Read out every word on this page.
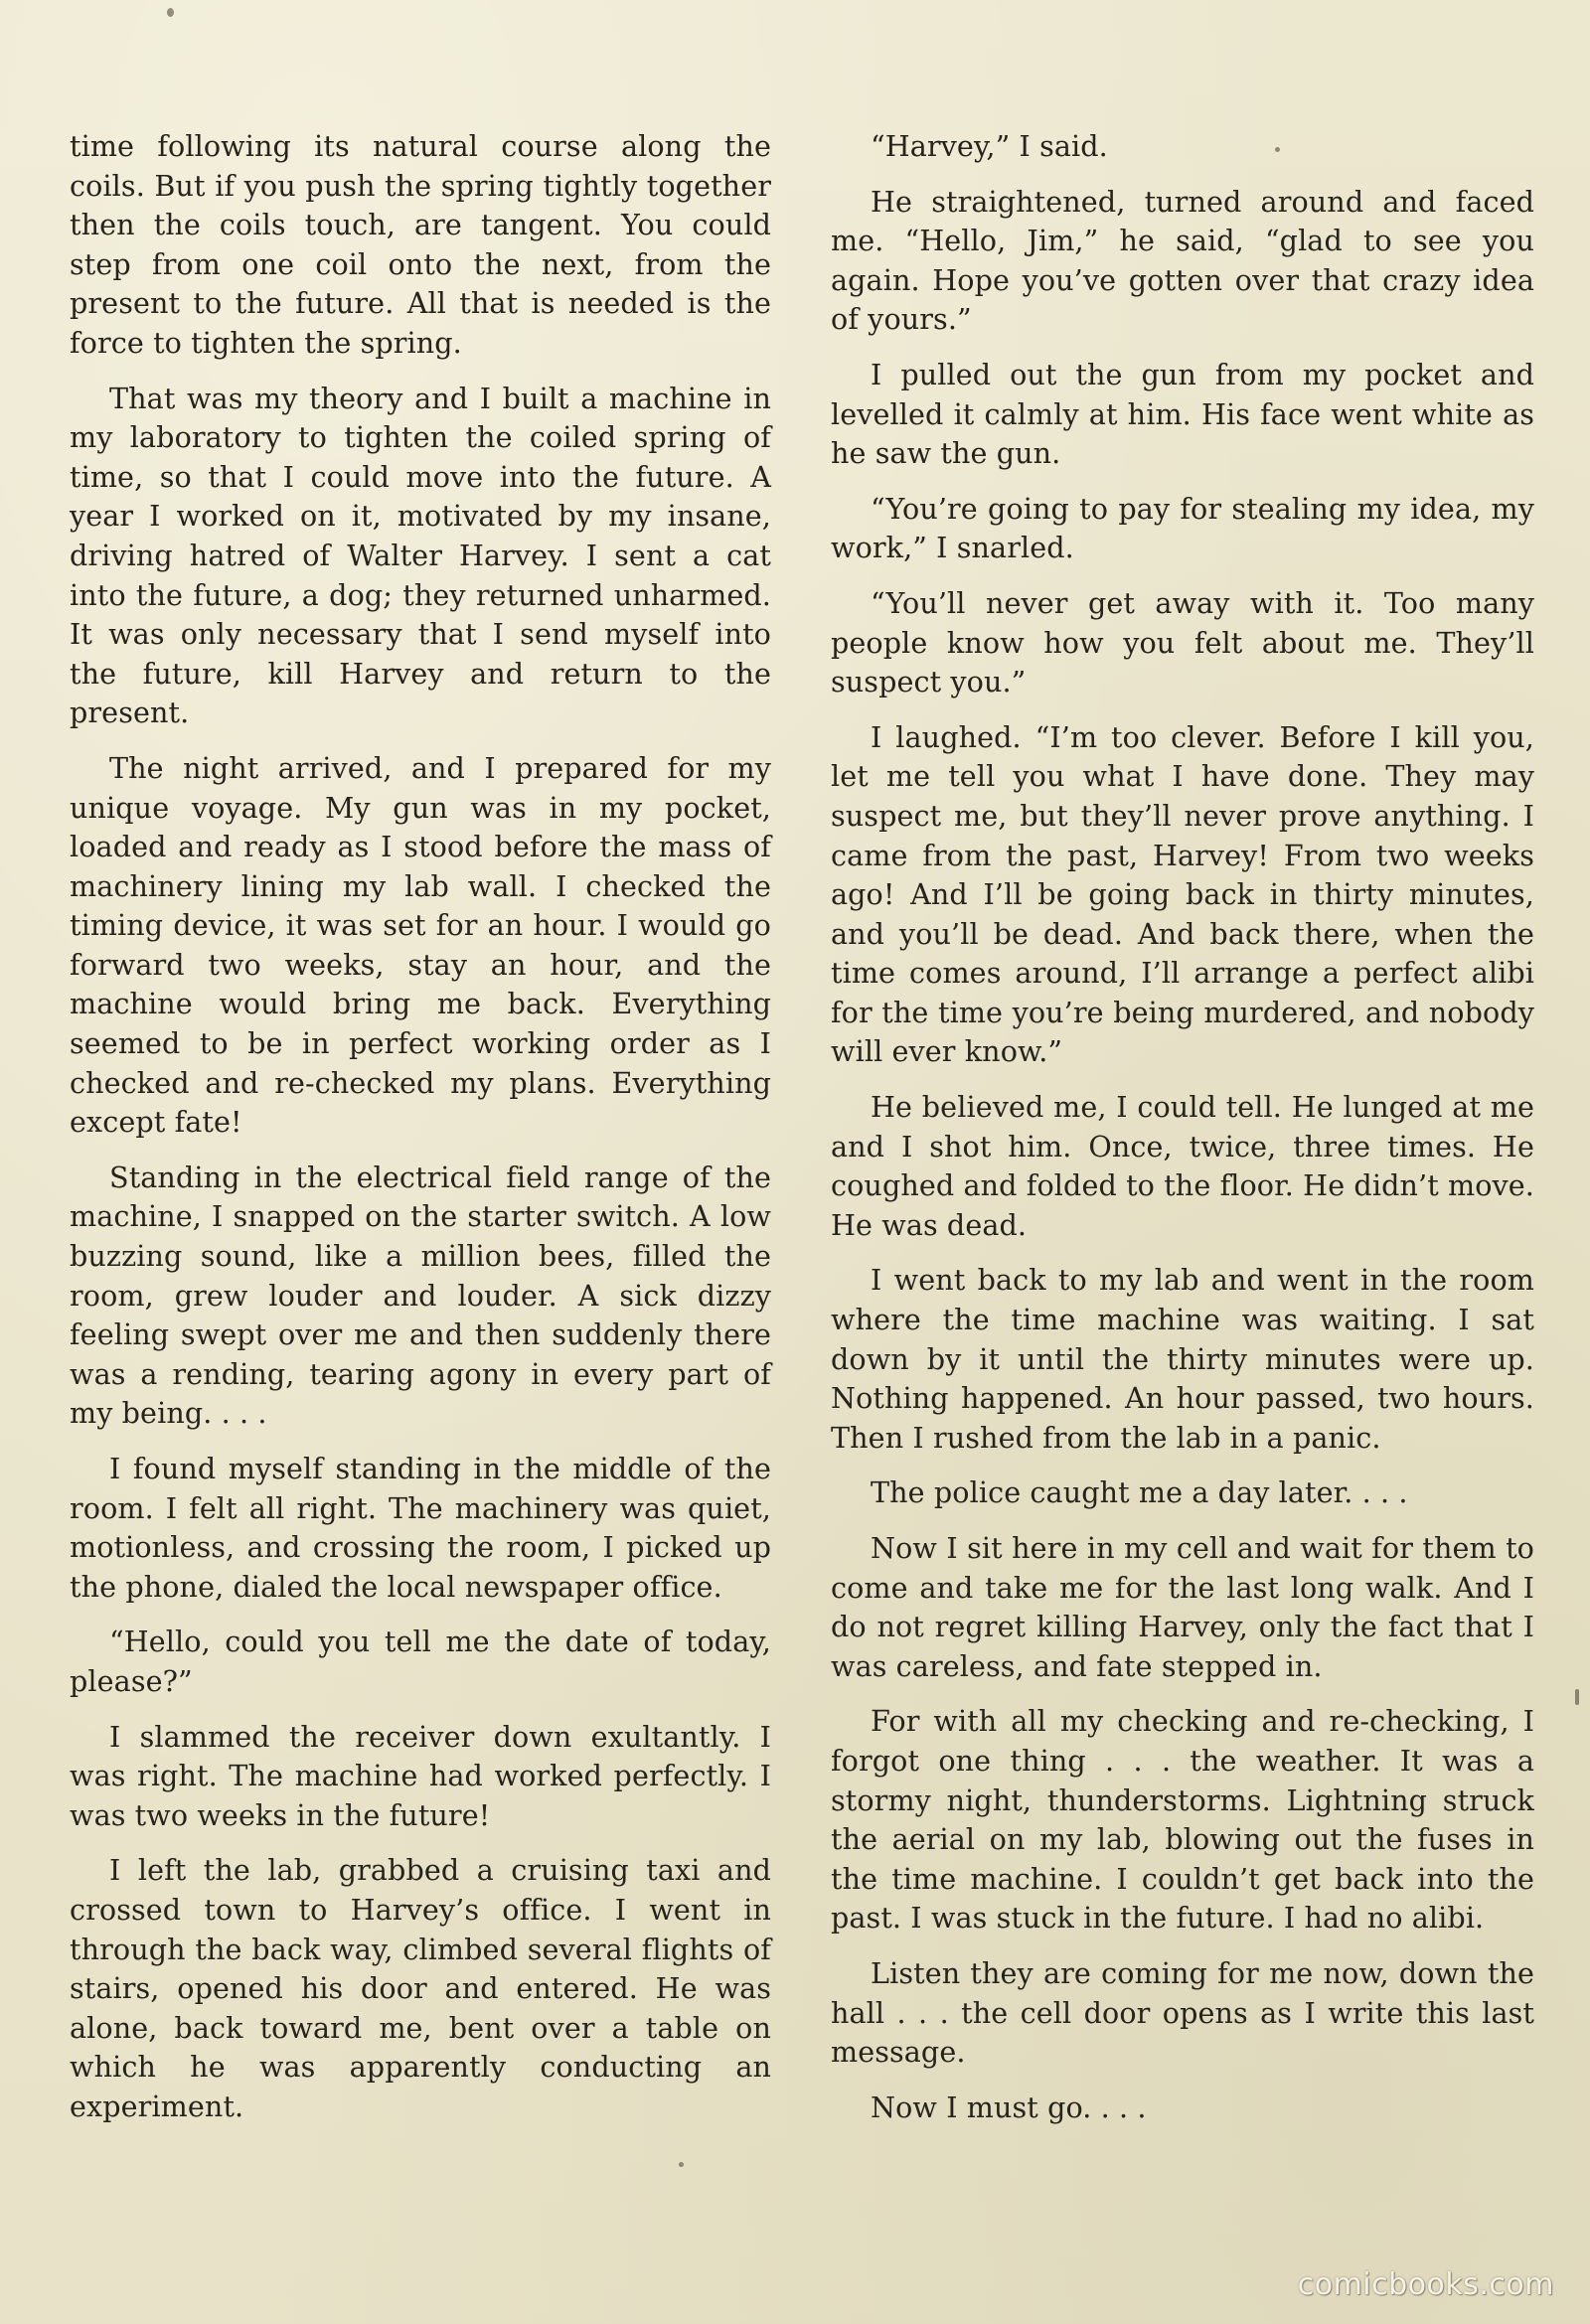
time following its natural course along the coils. But if you push the spring tightly together then the coils touch, are tangent. You could step from one coil onto the next, from the present to the future. All that is needed is the force to tighten the spring.

That was my theory and I built a machine in my laboratory to tighten the coiled spring of time, so that I could move into the future. A year I worked on it, motivated by my insane, driving hatred of Walter Harvey. I sent a cat into the future, a dog; they returned unharmed. It was only necessary that I send myself into the future, kill Harvey and return to the present.

The night arrived, and I prepared for my unique voyage. My gun was in my pocket, loaded and ready as I stood before the mass of machinery lining my lab wall. I checked the timing device, it was set for an hour. I would go forward two weeks, stay an hour, and the machine would bring me back. Everything seemed to be in perfect working order as I checked and re-checked my plans. Everything except fate!

Standing in the electrical field range of the machine, I snapped on the starter switch. A low buzzing sound, like a million bees, filled the room, grew louder and louder. A sick dizzy feeling swept over me and then suddenly there was a rending, tearing agony in every part of my being. . . .

I found myself standing in the middle of the room. I felt all right. The machinery was quiet, motionless, and crossing the room, I picked up the phone, dialed the local newspaper office.

“Hello, could you tell me the date of today, please?”

I slammed the receiver down exultantly. I was right. The machine had worked perfectly. I was two weeks in the future!

I left the lab, grabbed a cruising taxi and crossed town to Harvey’s office. I went in through the back way, climbed several flights of stairs, opened his door and entered. He was alone, back toward me, bent over a table on which he was apparently conducting an experiment.

“Harvey,” I said.

He straightened, turned around and faced me. “Hello, Jim,” he said, “glad to see you again. Hope you’ve gotten over that crazy idea of yours.”

I pulled out the gun from my pocket and levelled it calmly at him. His face went white as he saw the gun.

“You’re going to pay for stealing my idea, my work,” I snarled.

“You’ll never get away with it. Too many people know how you felt about me. They’ll suspect you.”

I laughed. “I’m too clever. Before I kill you, let me tell you what I have done. They may suspect me, but they’ll never prove anything. I came from the past, Harvey! From two weeks ago! And I’ll be going back in thirty minutes, and you’ll be dead. And back there, when the time comes around, I’ll arrange a perfect alibi for the time you’re being murdered, and nobody will ever know.”

He believed me, I could tell. He lunged at me and I shot him. Once, twice, three times. He coughed and folded to the floor. He didn’t move. He was dead.

I went back to my lab and went in the room where the time machine was waiting. I sat down by it until the thirty minutes were up. Nothing happened. An hour passed, two hours. Then I rushed from the lab in a panic.

The police caught me a day later. . . .

Now I sit here in my cell and wait for them to come and take me for the last long walk. And I do not regret killing Harvey, only the fact that I was careless, and fate stepped in.

For with all my checking and re-checking, I forgot one thing . . . the weather. It was a stormy night, thunderstorms. Lightning struck the aerial on my lab, blowing out the fuses in the time machine. I couldn’t get back into the past. I was stuck in the future. I had no alibi.

Listen they are coming for me now, down the hall . . . the cell door opens as I write this last message.

Now I must go. . . .

comicbooks.com
